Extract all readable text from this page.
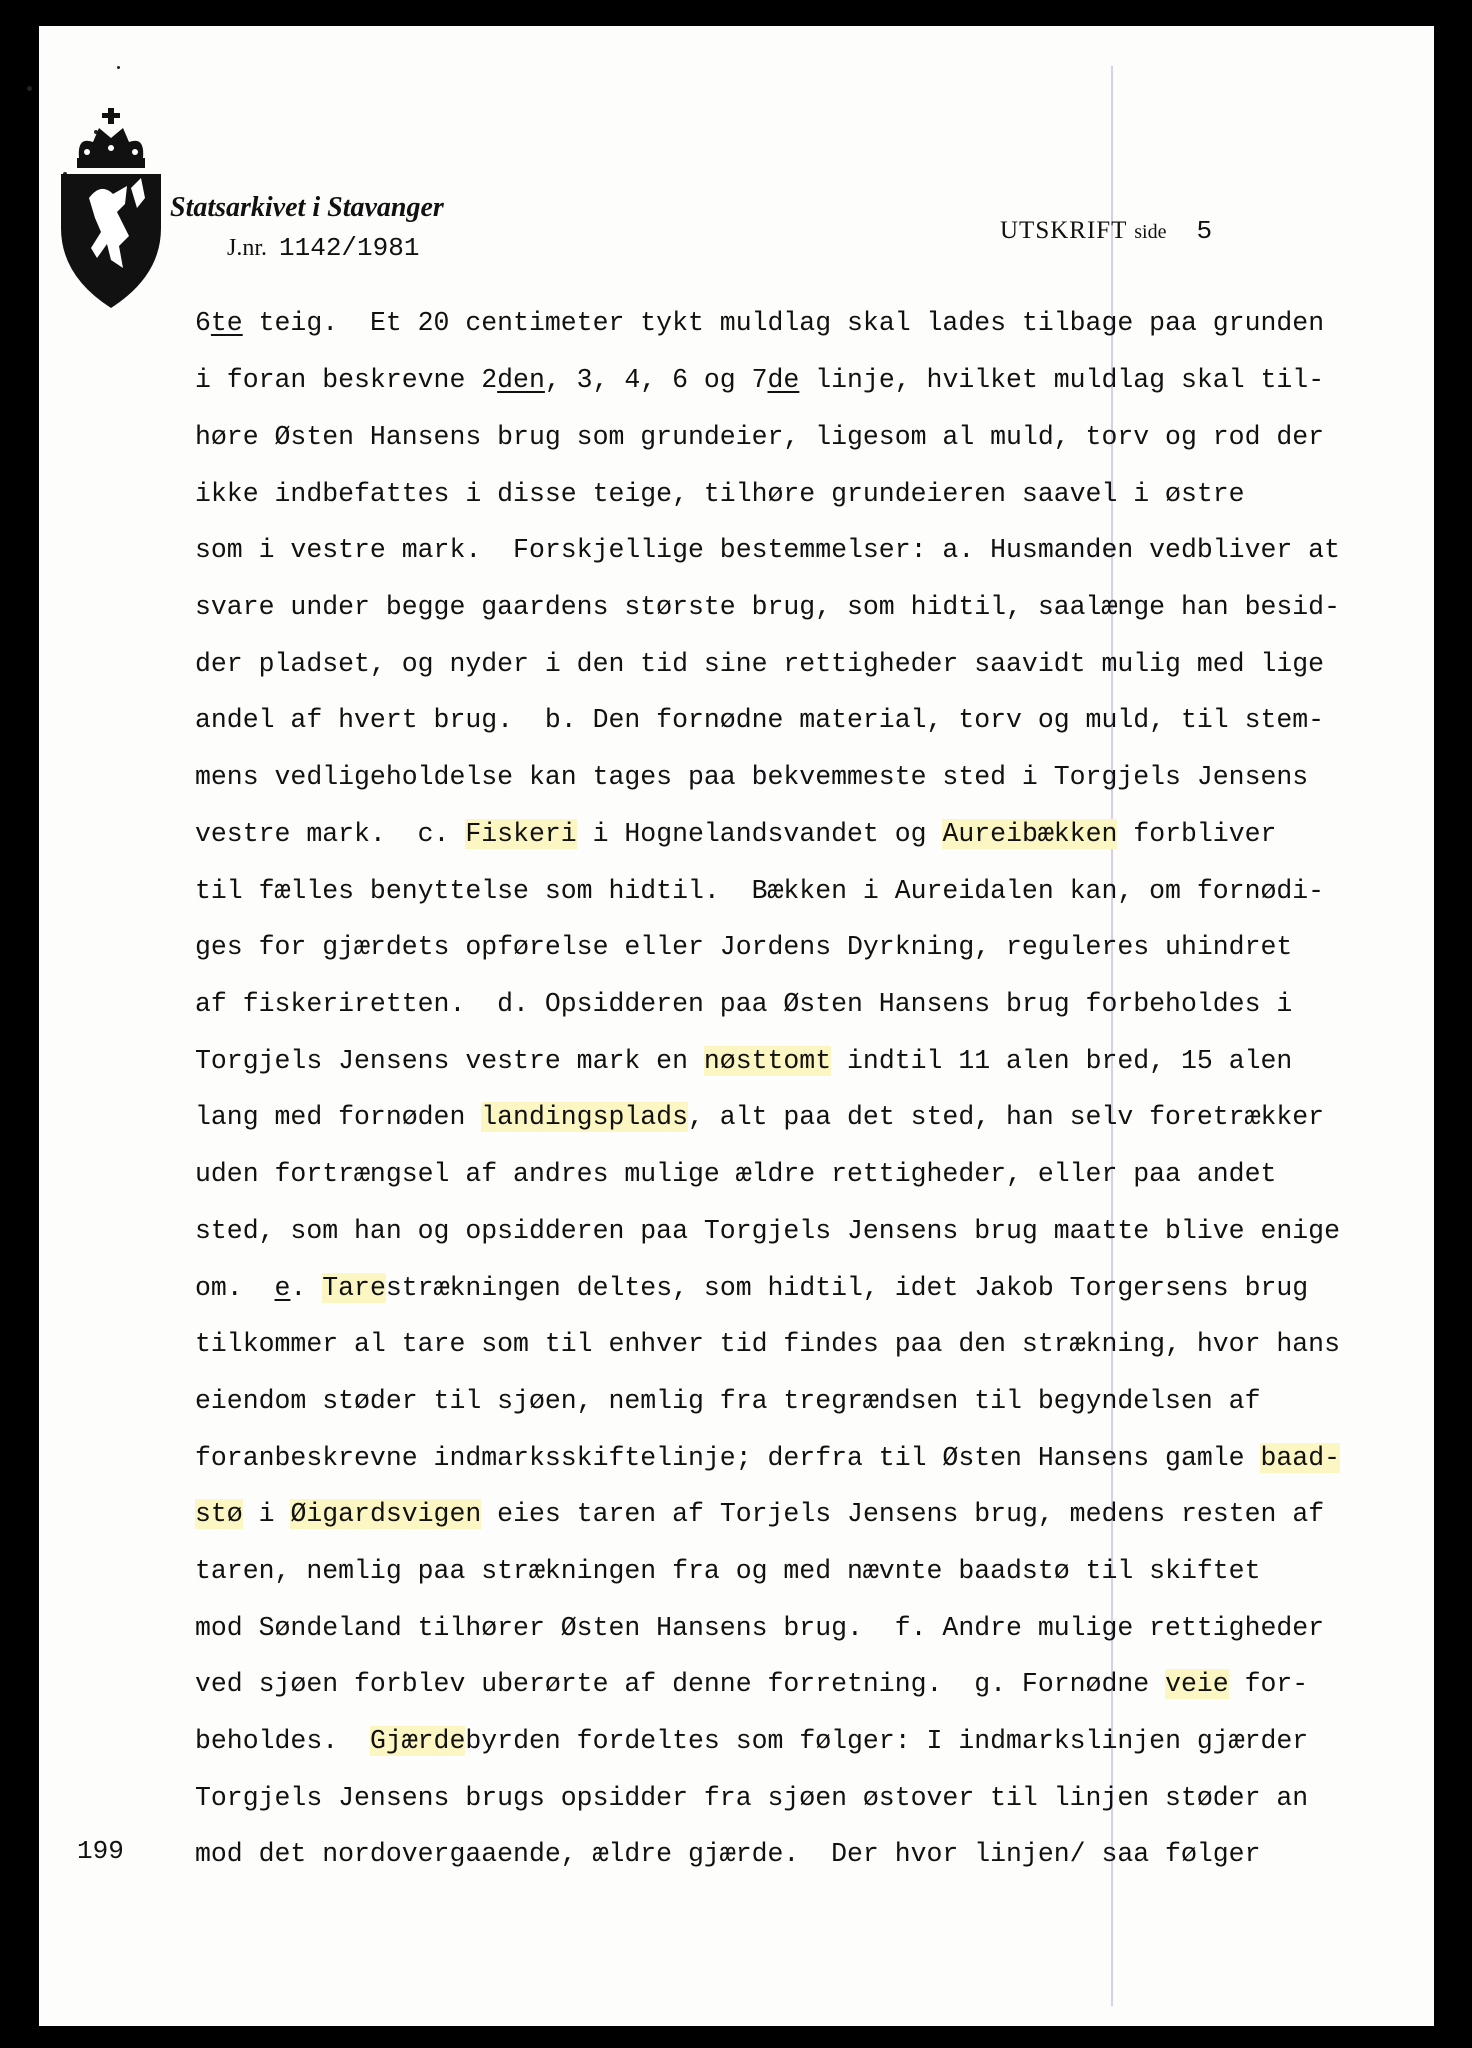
Statsarkivet i Stavanger
J.nr. 1142/1981
UTSKRIFT side 5
6te teig.  Et 20 centimeter tykt muldlag skal lades tilbage paa grunden
i foran beskrevne 2den, 3, 4, 6 og 7de linje, hvilket muldlag skal til-
høre Østen Hansens brug som grundeier, ligesom al muld, torv og rod der
ikke indbefattes i disse teige, tilhøre grundeieren saavel i østre
som i vestre mark.  Forskjellige bestemmelser: a. Husmanden vedbliver at
svare under begge gaardens største brug, som hidtil, saalænge han besid-
der pladset, og nyder i den tid sine rettigheder saavidt mulig med lige
andel af hvert brug.  b. Den fornødne material, torv og muld, til stem-
mens vedligeholdelse kan tages paa bekvemmeste sted i Torgjels Jensens
vestre mark.  c. Fiskeri i Hognelandsvandet og Aureibækken forbliver
til fælles benyttelse som hidtil.  Bækken i Aureidalen kan, om fornødi-
ges for gjærdets opførelse eller Jordens Dyrkning, reguleres uhindret
af fiskeriretten.  d. Opsidderen paa Østen Hansens brug forbeholdes i
Torgjels Jensens vestre mark en nøsttomt indtil 11 alen bred, 15 alen
lang med fornøden landingsplads, alt paa det sted, han selv foretrækker
uden fortrængsel af andres mulige ældre rettigheder, eller paa andet
sted, som han og opsidderen paa Torgjels Jensens brug maatte blive enige
om.  e. Tarestrækningen deltes, som hidtil, idet Jakob Torgersens brug
tilkommer al tare som til enhver tid findes paa den strækning, hvor hans
eiendom støder til sjøen, nemlig fra tregrændsen til begyndelsen af
foranbeskrevne indmarksskiftelinje; derfra til Østen Hansens gamle baad-
stø i Øigardsvigen eies taren af Torjels Jensens brug, medens resten af
taren, nemlig paa strækningen fra og med nævnte baadstø til skiftet
mod Søndeland tilhører Østen Hansens brug.  f. Andre mulige rettigheder
ved sjøen forblev uberørte af denne forretning.  g. Fornødne veie for-
beholdes.  Gjærdebyrden fordeltes som følger: I indmarkslinjen gjærder
Torgjels Jensens brugs opsidder fra sjøen østover til linjen støder an
mod det nordovergaaende, ældre gjærde.  Der hvor linjen/ saa følger
199
